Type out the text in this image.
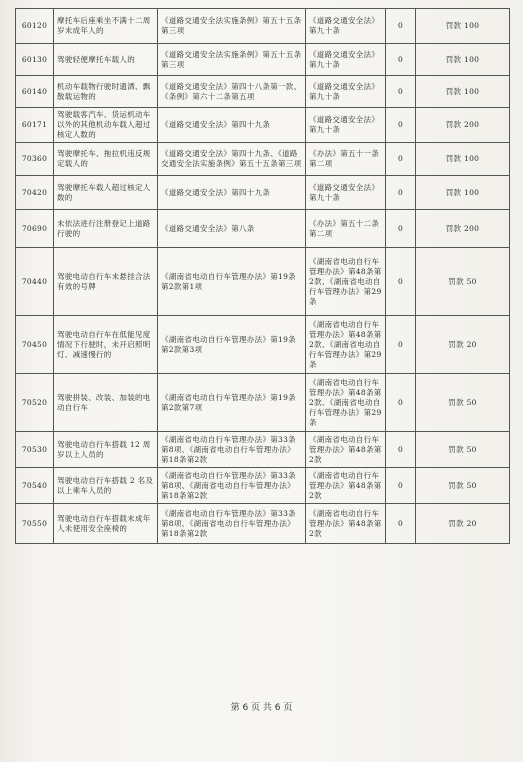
60120	摩托车后座乘坐不满十二周岁未成年人的	《道路交通安全法实施条例》第五十五条第三项	《道路交通安全法》第九十条	0	罚款 100
60130	驾驶轻便摩托车载人的	《道路交通安全法实施条例》第五十五条第三项	《道路交通安全法》第九十条	0	罚款 100
60140	机动车载物行驶时遗洒、飘散载运物的	《道路交通安全法》第四十八条第一款、《条例》第六十二条第五项	《道路交通安全法》第九十条	0	罚款 100
60171	驾驶载客汽车、货运机动车以外的其他机动车载人超过核定人数的	《道路交通安全法》第四十九条	《道路交通安全法》第九十条	0	罚款 200
70360	驾驶摩托车、拖拉机违反规定载人的	《道路交通安全法》第四十九条、《道路交通安全法实施条例》第五十五条第三项	《办法》第五十一条第二项	0	罚款 100
70420	驾驶摩托车载人超过核定人数的	《道路交通安全法》第四十九条	《道路交通安全法》第九十条	0	罚款 100
70690	未依法进行注册登记上道路行驶的	《道路交通安全法》第八条	《办法》第五十二条第二项	0	罚款 200
70440	驾驶电动自行车未悬挂合法有效的号牌	《湖南省电动自行车管理办法》第19条第2款第1项	《湖南省电动自行车管理办法》第48条第2款、《湖南省电动自行车管理办法》第29条	0	罚款 50
70450	驾驶电动自行车在低能见度情况下行驶时，未开启照明灯、减速慢行的	《湖南省电动自行车管理办法》第19条第2款第3项	《湖南省电动自行车管理办法》第48条第2款、《湖南省电动自行车管理办法》第29条	0	罚款 20
70520	驾驶拼装、改装、加装的电动自行车	《湖南省电动自行车管理办法》第19条第2款第7项	《湖南省电动自行车管理办法》第48条第2款、《湖南省电动自行车管理办法》第29条	0	罚款 50
70530	驾驶电动自行车搭载 12 周岁以上人员的	《湖南省电动自行车管理办法》第33条第8项、《湖南省电动自行车管理办法》第18条第2款	《湖南省电动自行车管理办法》第48条第2款	0	罚款 50
70540	驾驶电动自行车搭载 2 名及以上乘车人员的	《湖南省电动自行车管理办法》第33条第8项、《湖南省电动自行车管理办法》第18条第2款	《湖南省电动自行车管理办法》第48条第2款	0	罚款 50
70550	驾驶电动自行车搭载未成年人未使用安全座椅的	《湖南省电动自行车管理办法》第33条第8项、《湖南省电动自行车管理办法》第18条第2款	《湖南省电动自行车管理办法》第48条第2款	0	罚款 20
第 6 页 共 6 页
